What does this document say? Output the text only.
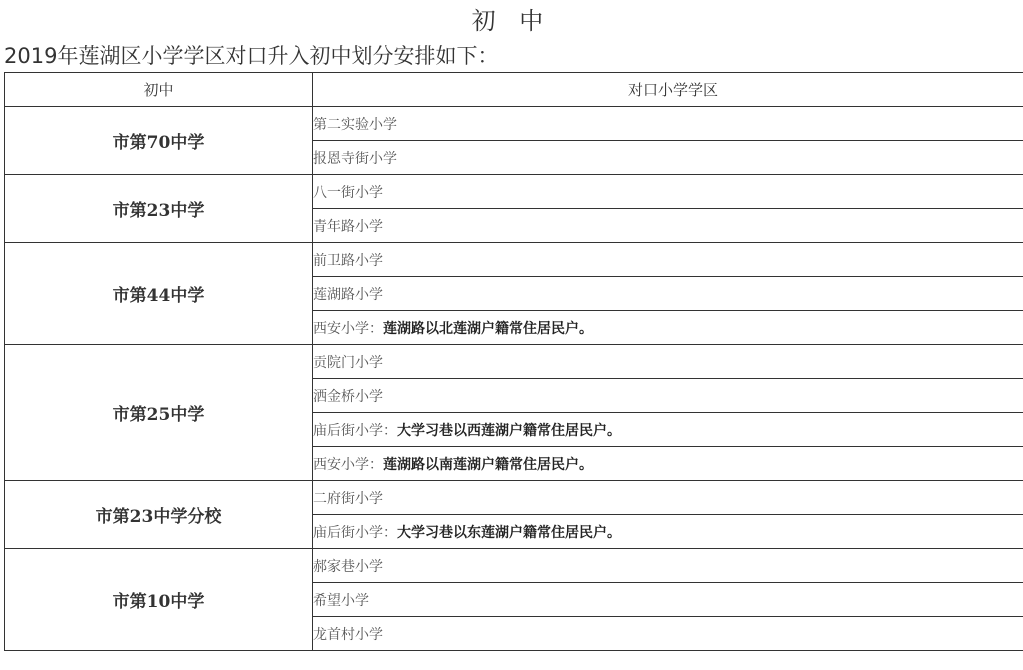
初 中
2019年莲湖区小学学区对口升入初中划分安排如下：
初中	对口小学学区
市第70中学	第二实验小学
	报恩寺街小学
市第23中学	八一街小学
	青年路小学
市第44中学	前卫路小学
	莲湖路小学
	西安小学：莲湖路以北莲湖户籍常住居民户。
市第25中学	贡院门小学
	洒金桥小学
	庙后街小学：大学习巷以西莲湖户籍常住居民户。
	西安小学：莲湖路以南莲湖户籍常住居民户。
市第23中学分校	二府街小学
	庙后街小学：大学习巷以东莲湖户籍常住居民户。
市第10中学	郝家巷小学
	希望小学
	龙首村小学
